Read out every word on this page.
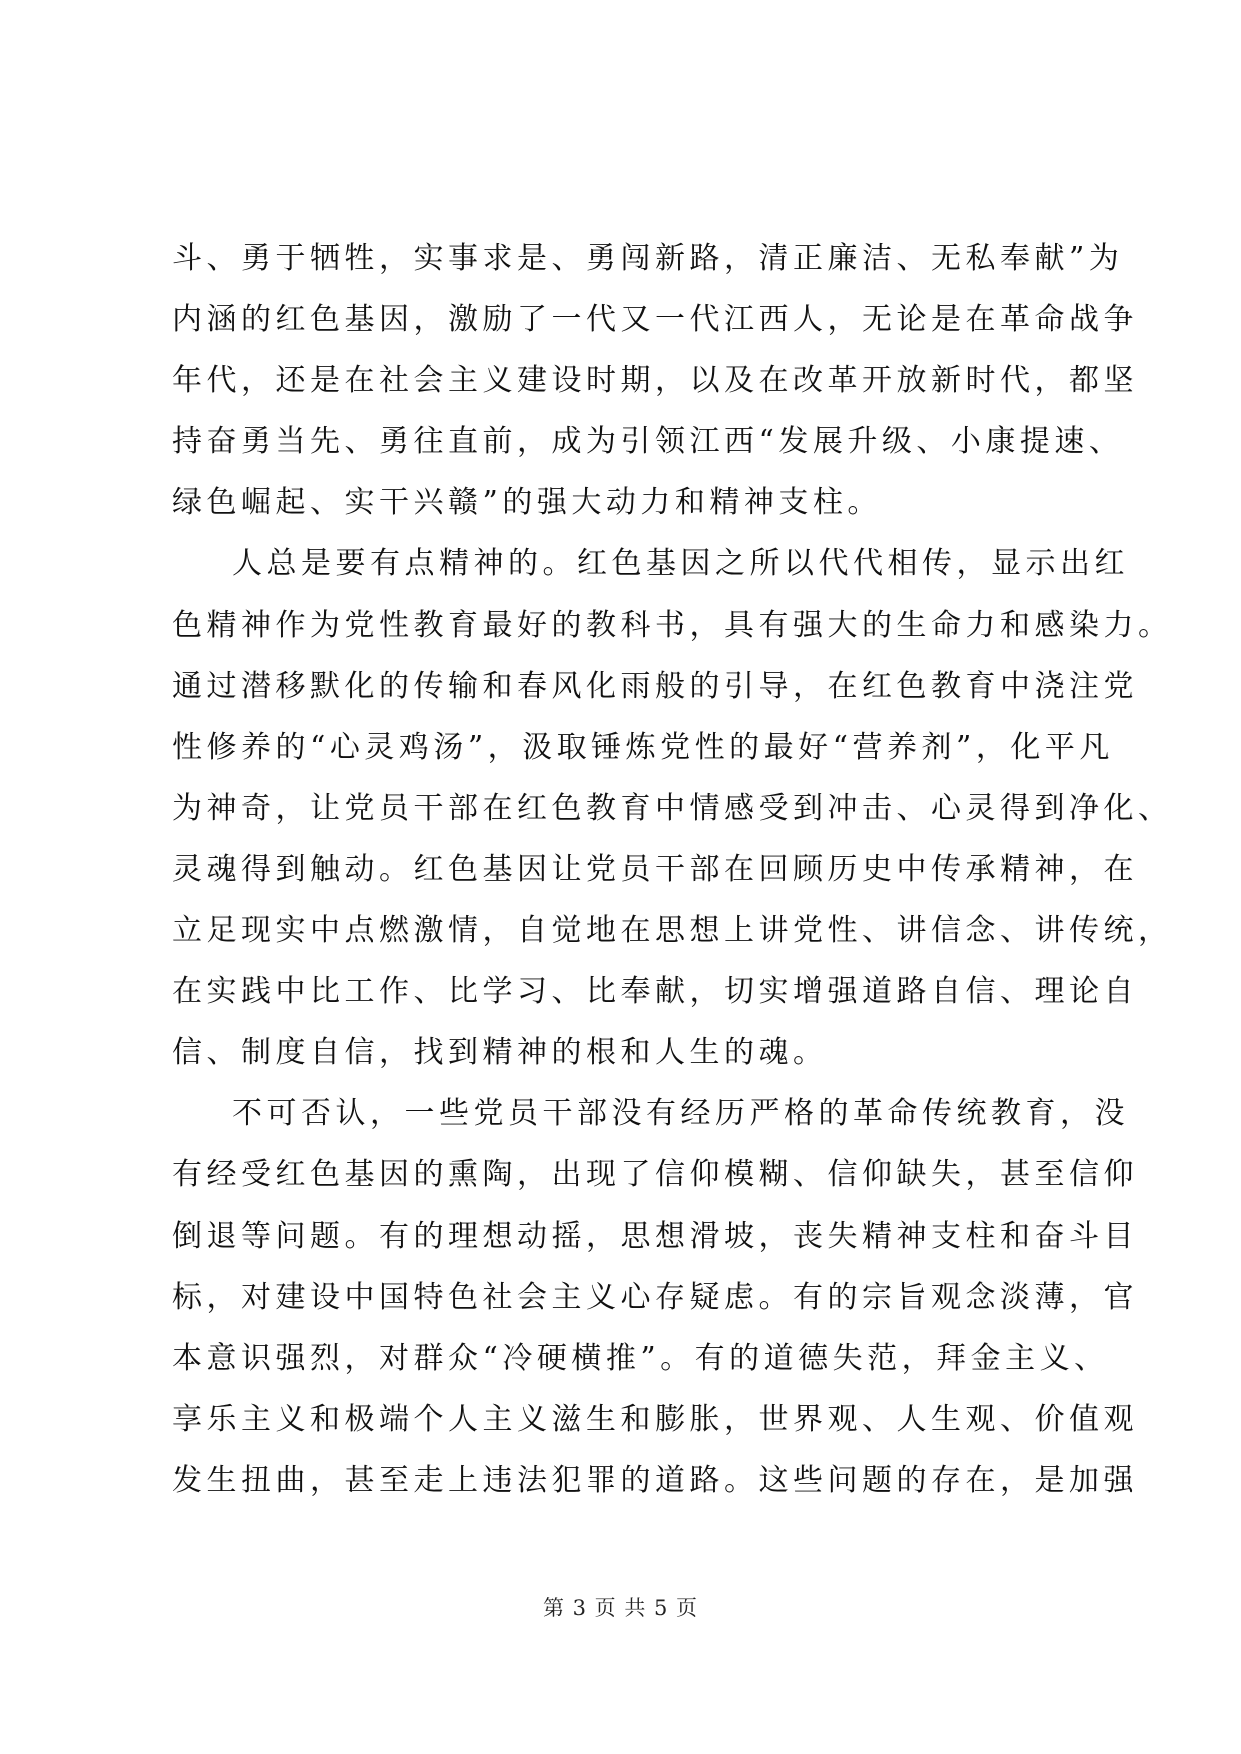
斗、勇于牺牲，实事求是、勇闯新路，清正廉洁、无私奉献”为
内涵的红色基因，激励了一代又一代江西人，无论是在革命战争
年代，还是在社会主义建设时期，以及在改革开放新时代，都坚
持奋勇当先、勇往直前，成为引领江西“发展升级、小康提速、
绿色崛起、实干兴赣”的强大动力和精神支柱。
人总是要有点精神的。红色基因之所以代代相传，显示出红
色精神作为党性教育最好的教科书，具有强大的生命力和感染力。
通过潜移默化的传输和春风化雨般的引导，在红色教育中浇注党
性修养的“心灵鸡汤”，汲取锤炼党性的最好“营养剂”，化平凡
为神奇，让党员干部在红色教育中情感受到冲击、心灵得到净化、
灵魂得到触动。红色基因让党员干部在回顾历史中传承精神，在
立足现实中点燃激情，自觉地在思想上讲党性、讲信念、讲传统，
在实践中比工作、比学习、比奉献，切实增强道路自信、理论自
信、制度自信，找到精神的根和人生的魂。
不可否认，一些党员干部没有经历严格的革命传统教育，没
有经受红色基因的熏陶，出现了信仰模糊、信仰缺失，甚至信仰
倒退等问题。有的理想动摇，思想滑坡，丧失精神支柱和奋斗目
标，对建设中国特色社会主义心存疑虑。有的宗旨观念淡薄，官
本意识强烈，对群众“冷硬横推”。有的道德失范，拜金主义、
享乐主义和极端个人主义滋生和膨胀，世界观、人生观、价值观
发生扭曲，甚至走上违法犯罪的道路。这些问题的存在，是加强
第 3 页 共 5 页
